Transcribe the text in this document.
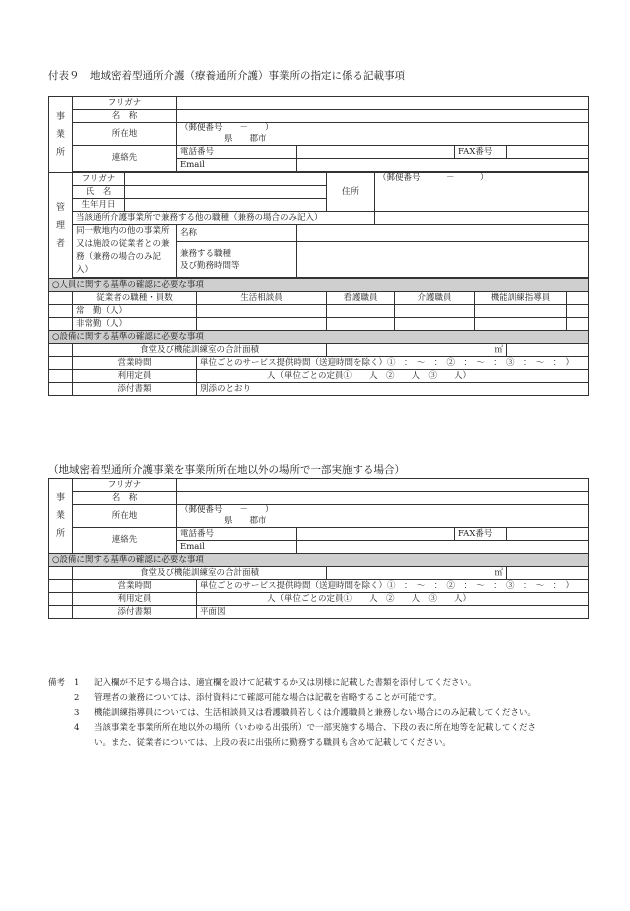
付表９　地域密着型通所介護（療養通所介護）事業所の指定に係る記載事項
事
業
所	フリガナ											
	名　称											
	所在地		（郵便番号　　－　　）
県　　郡市									

	連絡先		電話番号						FAX番号			
			Email									

管
理
者	フリガナ					住所	（郵便番号　　　－　　　）					

	氏　名											
	生年月日											
	当該通所介護事業所で兼務する他の職種（兼務の場合のみ記入）											

	同一敷地内の他の事業所
又は施設の従業者との兼
務（兼務の場合のみ記入）		名称									

			兼務する職種
及び勤務時間等									

○人員に関する基準の確認に必要な事項												
	従業者の職種・員数			生活相談員		看護職員		介護職員		機能訓練指導員		
	常　勤（人）											
	非常勤（人）											
○設備に関する基準の確認に必要な事項												
	食堂及び機能訓練室の合計面積					㎡						
	営業時間			単位ごとのサービス提供時間（送迎時間を除く）①　：　～　：　②　：　～　：　③　：　～　：　）								
	利用定員			人（単位ごとの定員①　　人　②　　人　③　　人）								
	添付書類			別添のとおり								
（地域密着型通所介護事業を事業所所在地以外の場所で一部実施する場合）
事
業
所	フリガナ						
	名　称						
	所在地	（郵便番号　　－　　）
県　　郡市					

	連絡先	電話番号				FAX番号	
		Email					
○設備に関する基準の確認に必要な事項							
	食堂及び機能訓練室の合計面積				㎡		
	営業時間		単位ごとのサービス提供時間（送迎時間を除く）①　：　～　：　②　：　～　：　③　：　～　：　）				
	利用定員		人（単位ごとの定員①　　人　②　　人　③　　人）				
	添付書類		平面図				
備考	1	記入欄が不足する場合は、適宜欄を設けて記載するか又は別様に記載した書類を添付してください。
2	管理者の兼務については、添付資料にて確認可能な場合は記載を省略することが可能です。
3	機能訓練指導員については、生活相談員又は看護職員若しくは介護職員と兼務しない場合にのみ記載してください。
4	当該事業を事業所所在地以外の場所（いわゆる出張所）で一部実施する場合、下段の表に所在地等を記載してくださ
い。また、従業者については、上段の表に出張所に勤務する職員も含めて記載してください。
